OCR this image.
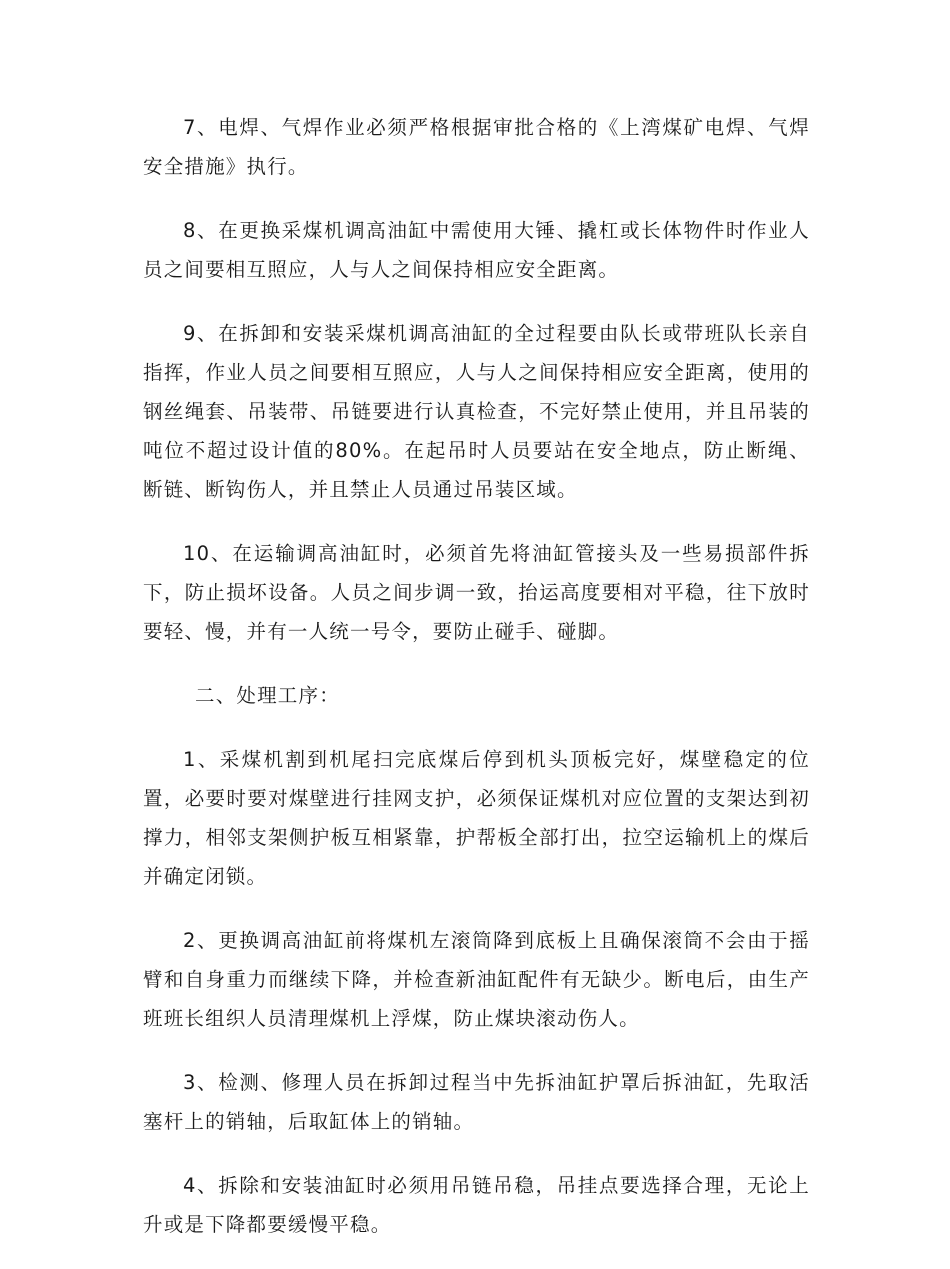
7、电焊、气焊作业必须严格根据审批合格的《上湾煤矿电焊、气焊安全措施》执行。

8、在更换采煤机调高油缸中需使用大锤、撬杠或长体物件时作业人员之间要相互照应，人与人之间保持相应安全距离。

9、在拆卸和安装采煤机调高油缸的全过程要由队长或带班队长亲自指挥，作业人员之间要相互照应，人与人之间保持相应安全距离，使用的钢丝绳套、吊装带、吊链要进行认真检查，不完好禁止使用，并且吊装的吨位不超过设计值的80%。在起吊时人员要站在安全地点，防止断绳、断链、断钩伤人，并且禁止人员通过吊装区域。

10、在运输调高油缸时，必须首先将油缸管接头及一些易损部件拆下，防止损坏设备。人员之间步调一致，抬运高度要相对平稳，往下放时要轻、慢，并有一人统一号令，要防止碰手、碰脚。

二、处理工序：

1、采煤机割到机尾扫完底煤后停到机头顶板完好，煤壁稳定的位置，必要时要对煤壁进行挂网支护，必须保证煤机对应位置的支架达到初撑力，相邻支架侧护板互相紧靠，护帮板全部打出，拉空运输机上的煤后并确定闭锁。

2、更换调高油缸前将煤机左滚筒降到底板上且确保滚筒不会由于摇臂和自身重力而继续下降，并检查新油缸配件有无缺少。断电后，由生产班班长组织人员清理煤机上浮煤，防止煤块滚动伤人。

3、检测、修理人员在拆卸过程当中先拆油缸护罩后拆油缸，先取活塞杆上的销轴，后取缸体上的销轴。

4、拆除和安装油缸时必须用吊链吊稳，吊挂点要选择合理，无论上升或是下降都要缓慢平稳。
